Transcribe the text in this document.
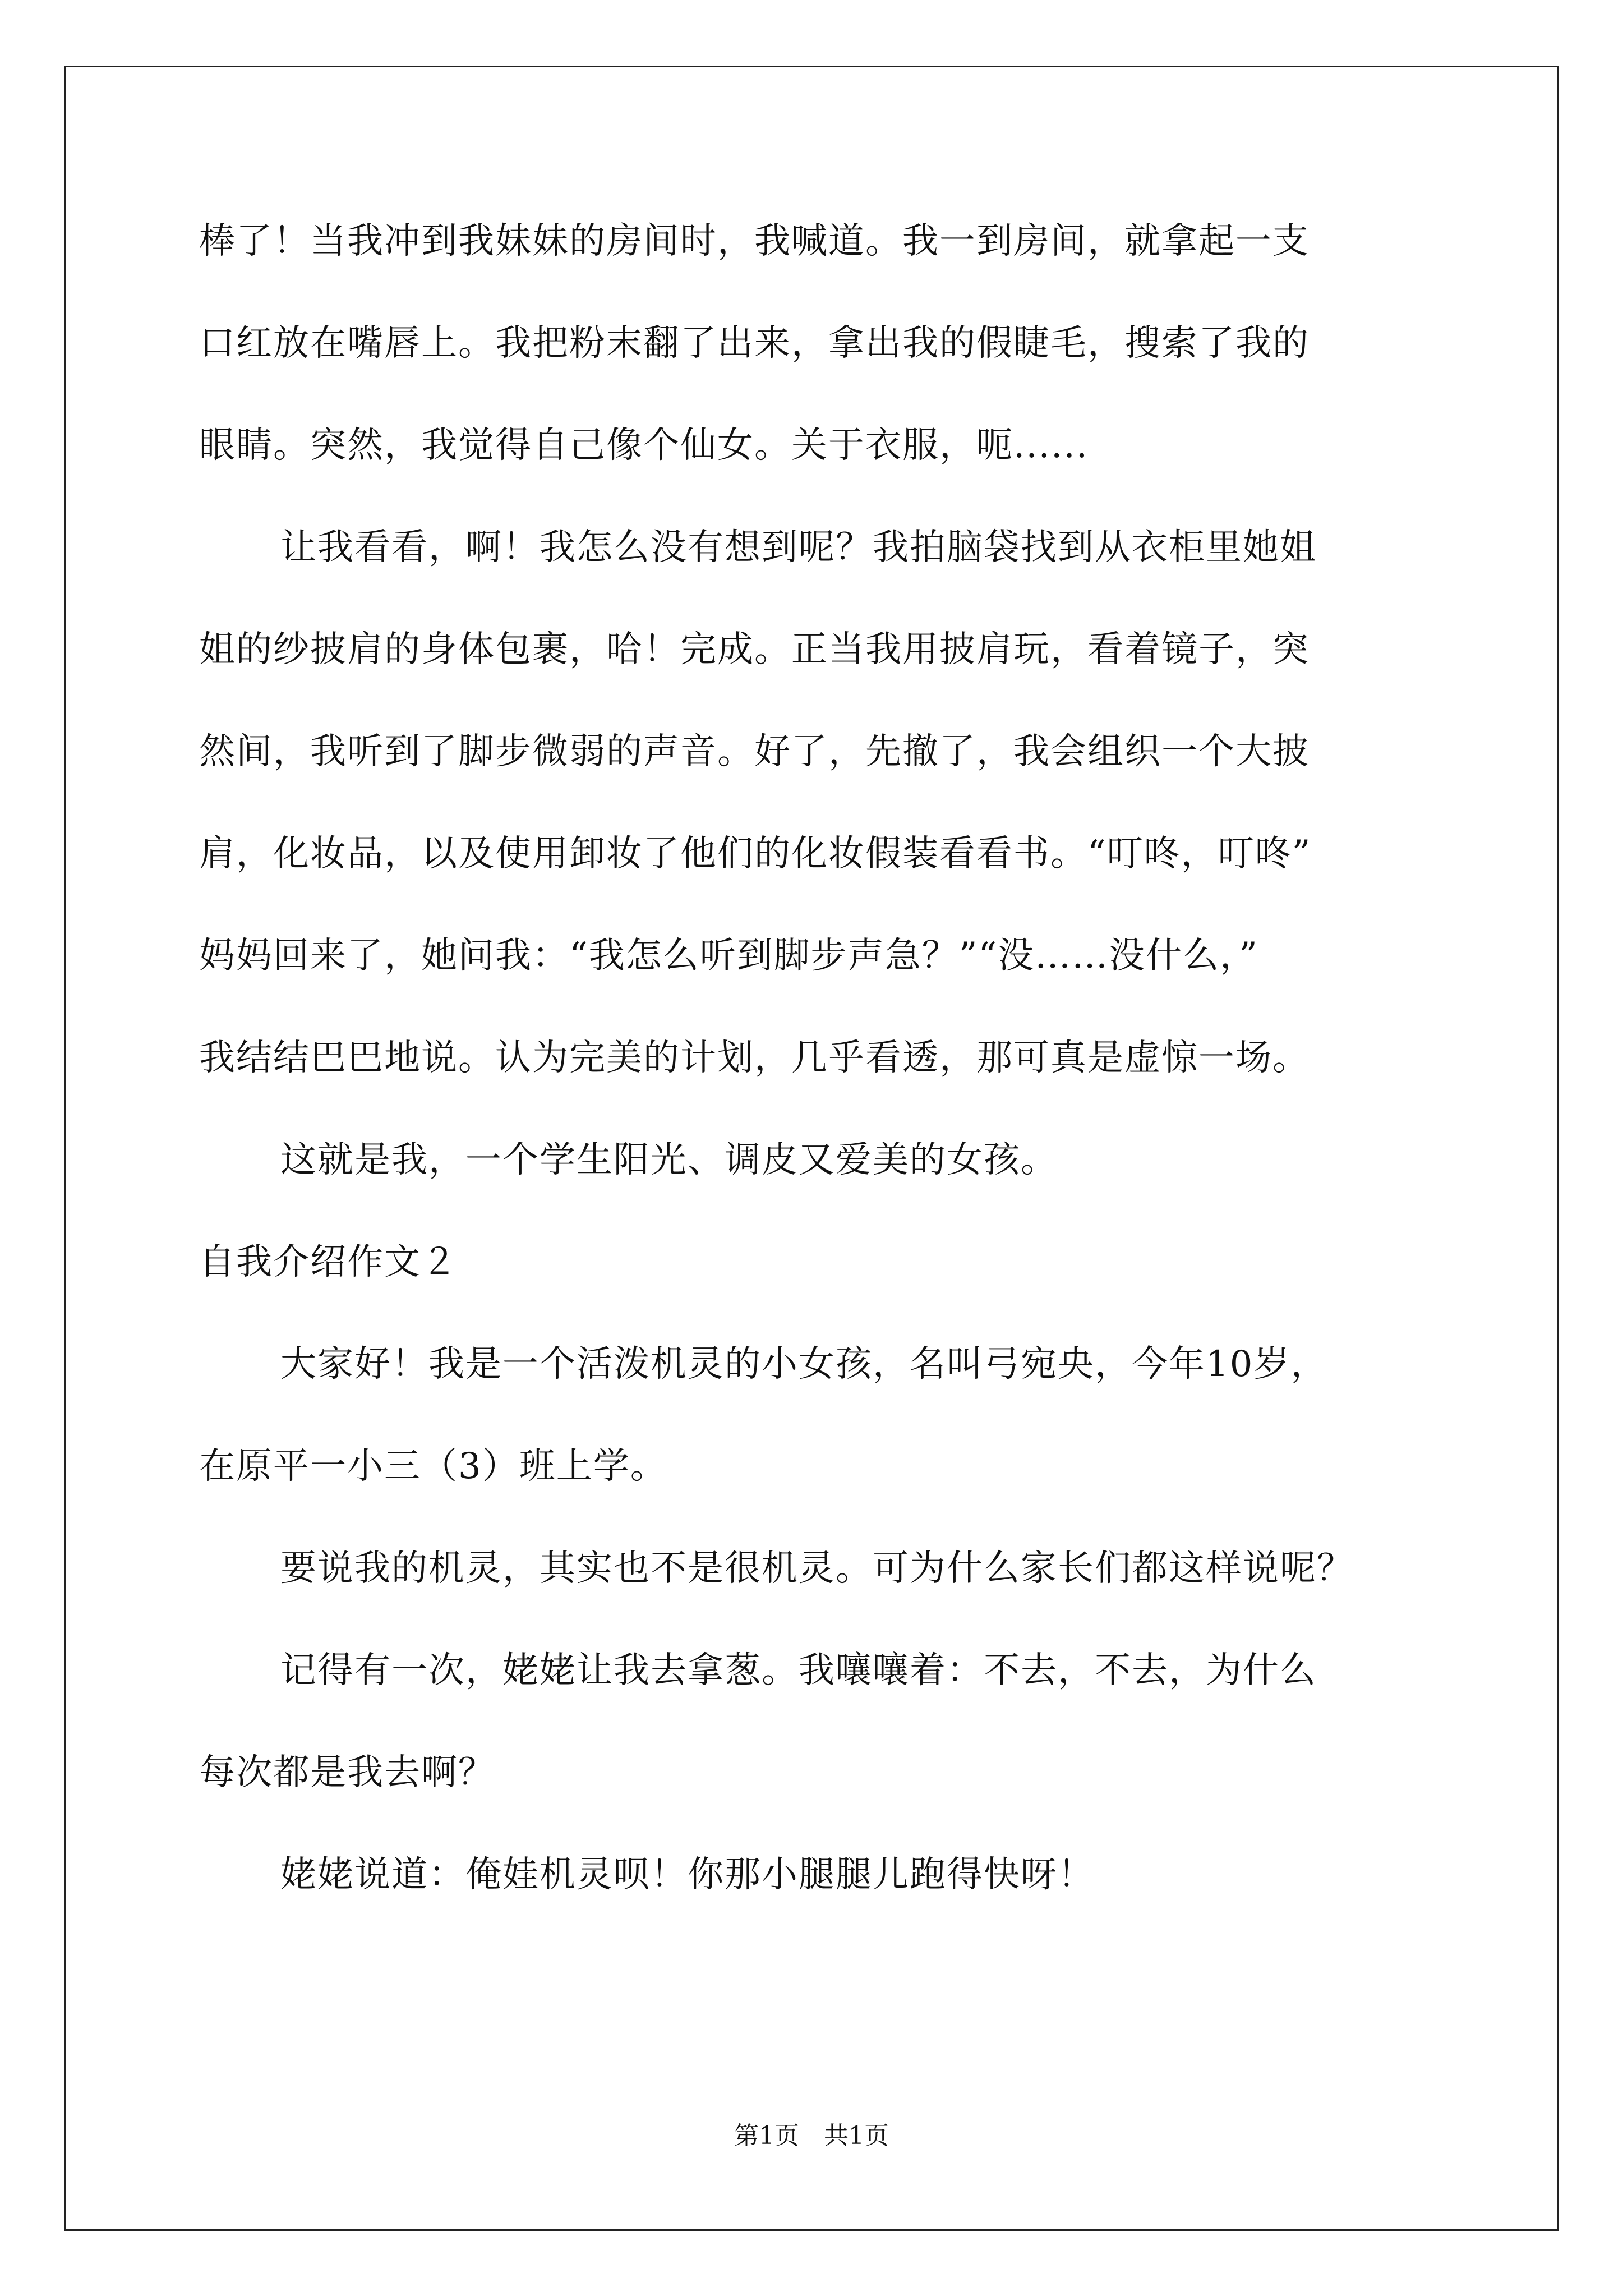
棒了！当我冲到我妹妹的房间时，我喊道。我一到房间，就拿起一支
口红放在嘴唇上。我把粉末翻了出来，拿出我的假睫毛，搜索了我的
眼睛。突然，我觉得自己像个仙女。关于衣服，呃......
让我看看，啊！我怎么没有想到呢？我拍脑袋找到从衣柜里她姐
姐的纱披肩的身体包裹，哈！完成。正当我用披肩玩，看着镜子，突
然间，我听到了脚步微弱的声音。好了，先撤了，我会组织一个大披
肩，化妆品，以及使用卸妆了他们的化妆假装看看书。“叮咚，叮咚”
妈妈回来了，她问我：“我怎么听到脚步声急？”“没……没什么，”
我结结巴巴地说。认为完美的计划，几乎看透，那可真是虚惊一场。
这就是我，一个学生阳光、调皮又爱美的女孩。
自我介绍作文２
大家好！我是一个活泼机灵的小女孩，名叫弓宛央，今年10岁，
在原平一小三（3）班上学。
要说我的机灵，其实也不是很机灵。可为什么家长们都这样说呢？
记得有一次，姥姥让我去拿葱。我嚷嚷着：不去，不去，为什么
每次都是我去啊？
姥姥说道：俺娃机灵呗！你那小腿腿儿跑得快呀！
第1页　共1页
